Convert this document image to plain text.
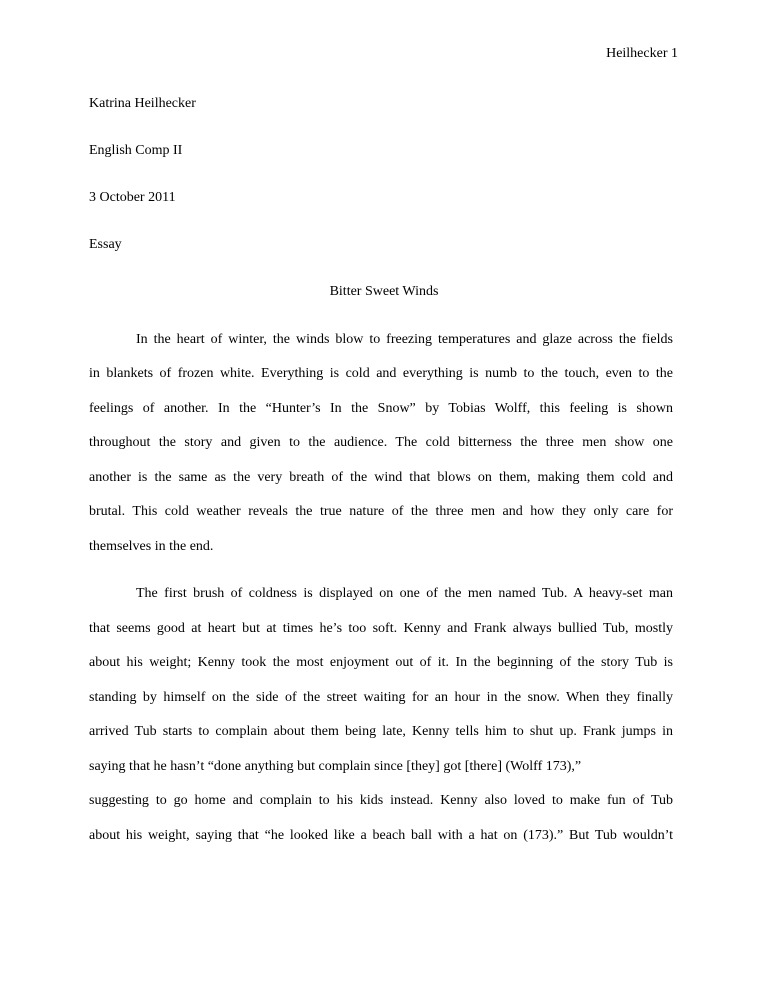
Heilhecker 1
Katrina Heilhecker
English Comp II
3 October 2011
Essay
Bitter Sweet Winds
In the heart of winter, the winds blow to freezing temperatures and glaze across the fields
in blankets of frozen white. Everything is cold and everything is numb to the touch, even to the
feelings of another. In the “Hunter’s In the Snow” by Tobias Wolff, this feeling is shown
throughout the story and given to the audience. The cold bitterness the three men show one
another is the same as the very breath of the wind that blows on them, making them cold and
brutal. This cold weather reveals the true nature of the three men and how they only care for
themselves in the end.
The first brush of coldness is displayed on one of the men named Tub. A heavy-set man
that seems good at heart but at times he’s too soft. Kenny and Frank always bullied Tub, mostly
about his weight; Kenny took the most enjoyment out of it. In the beginning of the story Tub is
standing by himself on the side of the street waiting for an hour in the snow. When they finally
arrived Tub starts to complain about them being late, Kenny tells him to shut up. Frank jumps in
saying that he hasn’t “done anything but complain since [they] got [there] (Wolff 173),”
suggesting to go home and complain to his kids instead. Kenny also loved to make fun of Tub
about his weight, saying that “he looked like a beach ball with a hat on (173).” But Tub wouldn’t
